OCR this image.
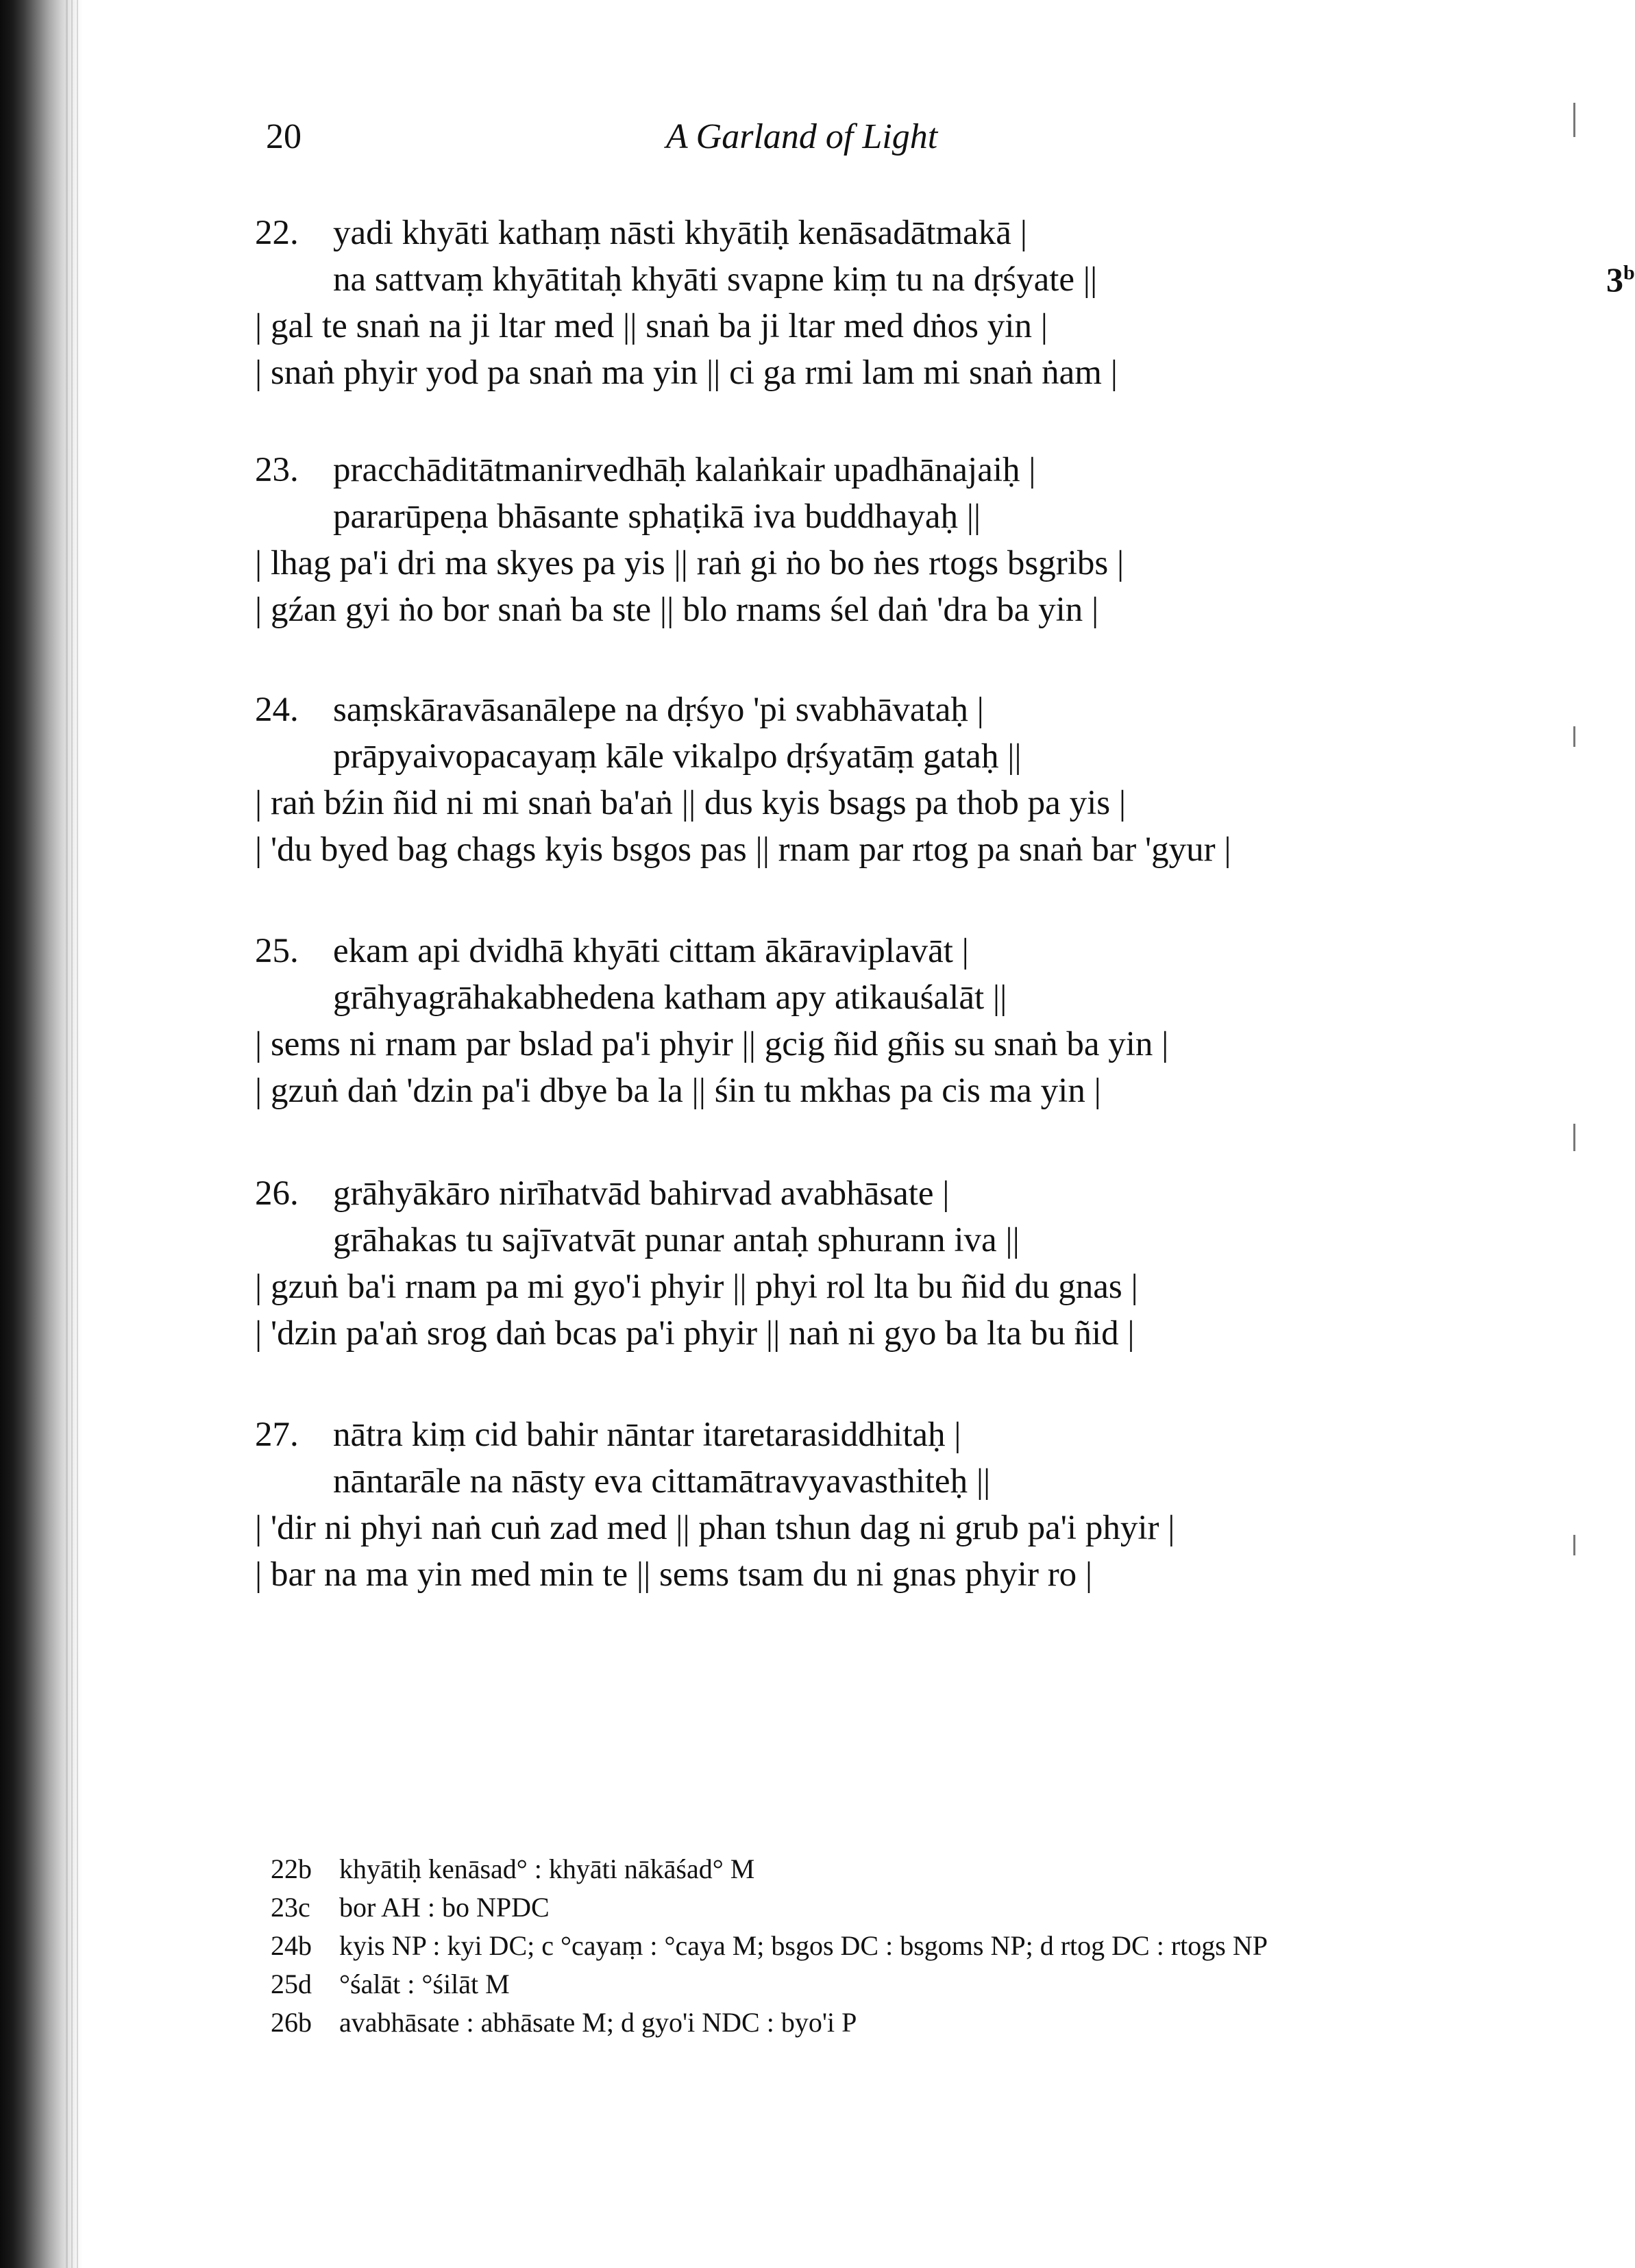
20	A Garland of Light
22. yadi khyāti kathaṃ nāsti khyātiḥ kenāsadātmakā |
na sattvaṃ khyātitaḥ khyāti svapne kiṃ tu na dṛśyate ||
| gal te snaṅ na ji ltar med || snaṅ ba ji ltar med dṅos yin |
| snaṅ phyir yod pa snaṅ ma yin || ci ga rmi lam mi snaṅ ṅam |
3$^b$
23. pracchāditātmanirvedhāḥ kalaṅkair upadhānajaiḥ |
pararūpeṇa bhāsante sphaṭikā iva buddhayaḥ ||
| lhag pa'i dri ma skyes pa yis || raṅ gi ṅo bo ṅes rtogs bsgribs |
| gźan gyi ṅo bor snaṅ ba ste || blo rnams śel daṅ 'dra ba yin |
24. saṃskāravāsanālepe na dṛśyo 'pi svabhāvataḥ |
prāpyaivopacayaṃ kāle vikalpo dṛśyatāṃ gataḥ ||
| raṅ bźin ñid ni mi snaṅ ba'aṅ || dus kyis bsags pa thob pa yis |
| 'du byed bag chags kyis bsgos pas || rnam par rtog pa snaṅ bar 'gyur |
25. ekam api dvidhā khyāti cittam ākāraviplavāt |
grāhyagrāhakabhedena katham apy atikauśalāt ||
| sems ni rnam par bslad pa'i phyir || gcig ñid gñis su snaṅ ba yin |
| gzuṅ daṅ 'dzin pa'i dbye ba la || śin tu mkhas pa cis ma yin |
26. grāhyākāro nirīhatvād bahirvad avabhāsate |
grāhakas tu sajīvatvāt punar antaḥ sphurann iva ||
| gzuṅ ba'i rnam pa mi gyo'i phyir || phyi rol lta bu ñid du gnas |
| 'dzin pa'aṅ srog daṅ bcas pa'i phyir || naṅ ni gyo ba lta bu ñid |
27. nātra kiṃ cid bahir nāntar itaretarasiddhitaḥ |
nāntarāle na nāsty eva cittamātravyavasthiteḥ ||
| 'dir ni phyi naṅ cuṅ zad med || phan tshun dag ni grub pa'i phyir |
| bar na ma yin med min te || sems tsam du ni gnas phyir ro |
22b khyātiḥ kenāsad° : khyāti nākāśad° M
23c bor AH : bo NPDC
24b kyis NP : kyi DC; c °cayaṃ : °caya M; bsgos DC : bsgoms NP; d rtog DC : rtogs NP
25d °śalāt : °śilāt M
26b avabhāsate : abhāsate M; d gyo'i NDC : byo'i P
